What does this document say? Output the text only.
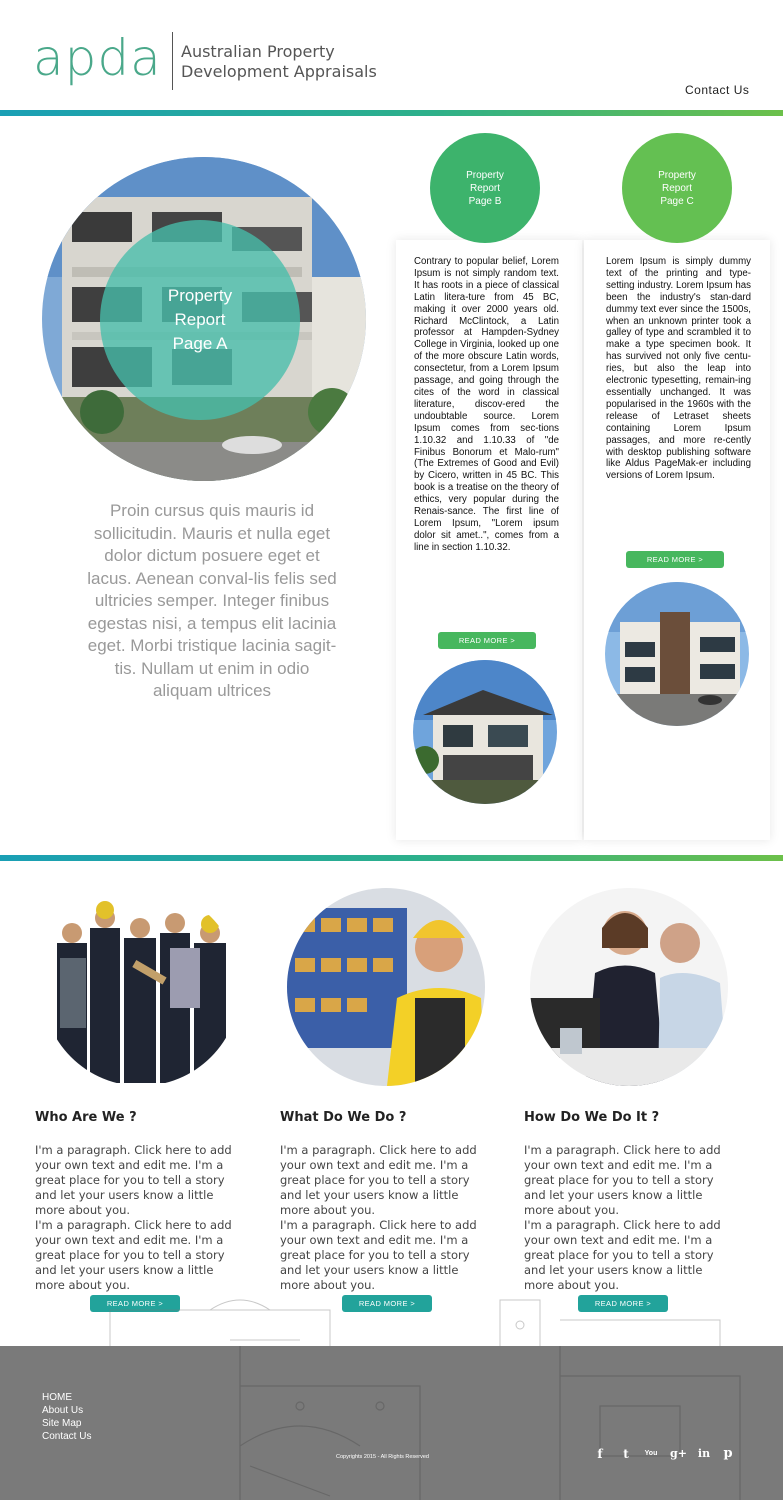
apda Australian Property
Development Appraisals
Contact Us
Property
Report
Page A
Proin cursus quis mauris id sollicitudin. Mauris et nulla eget dolor dictum posuere eget et lacus. Aenean conval-lis felis sed ultricies semper. Integer finibus egestas nisi, a tempus elit lacinia eget. Morbi tristique lacinia sagit-tis. Nullam ut enim in odio aliquam ultrices
Property
Report
Page B
Contrary to popular belief, Lorem Ipsum is not simply random text. It has roots in a piece of classical Latin litera-ture from 45 BC, making it over 2000 years old. Richard McClintock, a Latin professor at Hampden-Sydney College in Virginia, looked up one of the more obscure Latin words, consectetur, from a Lorem Ipsum passage, and going through the cites of the word in classical literature, discov-ered the undoubtable source. Lorem Ipsum comes from sec-tions 1.10.32 and 1.10.33 of "de Finibus Bonorum et Malo-rum" (The Extremes of Good and Evil) by Cicero, written in 45 BC. This book is a treatise on the theory of ethics, very popular during the Renais-sance. The first line of Lorem Ipsum, "Lorem ipsum dolor sit amet..", comes from a line in section 1.10.32.
READ MORE >
Property
Report
Page C
Lorem Ipsum is simply dummy text of the printing and type-setting industry. Lorem Ipsum has been the industry's stan-dard dummy text ever since the 1500s, when an unknown printer took a galley of type and scrambled it to make a type specimen book. It has survived not only five centu-ries, but also the leap into electronic typesetting, remain-ing essentially unchanged. It was popularised in the 1960s with the release of Letraset sheets containing Lorem Ipsum passages, and more re-cently with desktop publishing software like Aldus PageMak-er including versions of Lorem Ipsum.
READ MORE >
Who Are We ?
I'm a paragraph. Click here to add your own text and edit me. I'm a great place for you to tell a story and let your users know a little more about you.
I'm a paragraph. Click here to add your own text and edit me. I'm a great place for you to tell a story and let your users know a little more about you.
READ MORE >
What Do We Do ?
I'm a paragraph. Click here to add your own text and edit me. I'm a great place for you to tell a story and let your users know a little more about you.
I'm a paragraph. Click here to add your own text and edit me. I'm a great place for you to tell a story and let your users know a little more about you.
READ MORE >
How Do We Do It ?
I'm a paragraph. Click here to add your own text and edit me. I'm a great place for you to tell a story and let your users know a little more about you.
I'm a paragraph. Click here to add your own text and edit me. I'm a great place for you to tell a story and let your users know a little more about you.
READ MORE >
HOME
About Us
Site Map
Contact Us
Copyrights 2015 - All Rights Reserved	f	t	You g+ in p
